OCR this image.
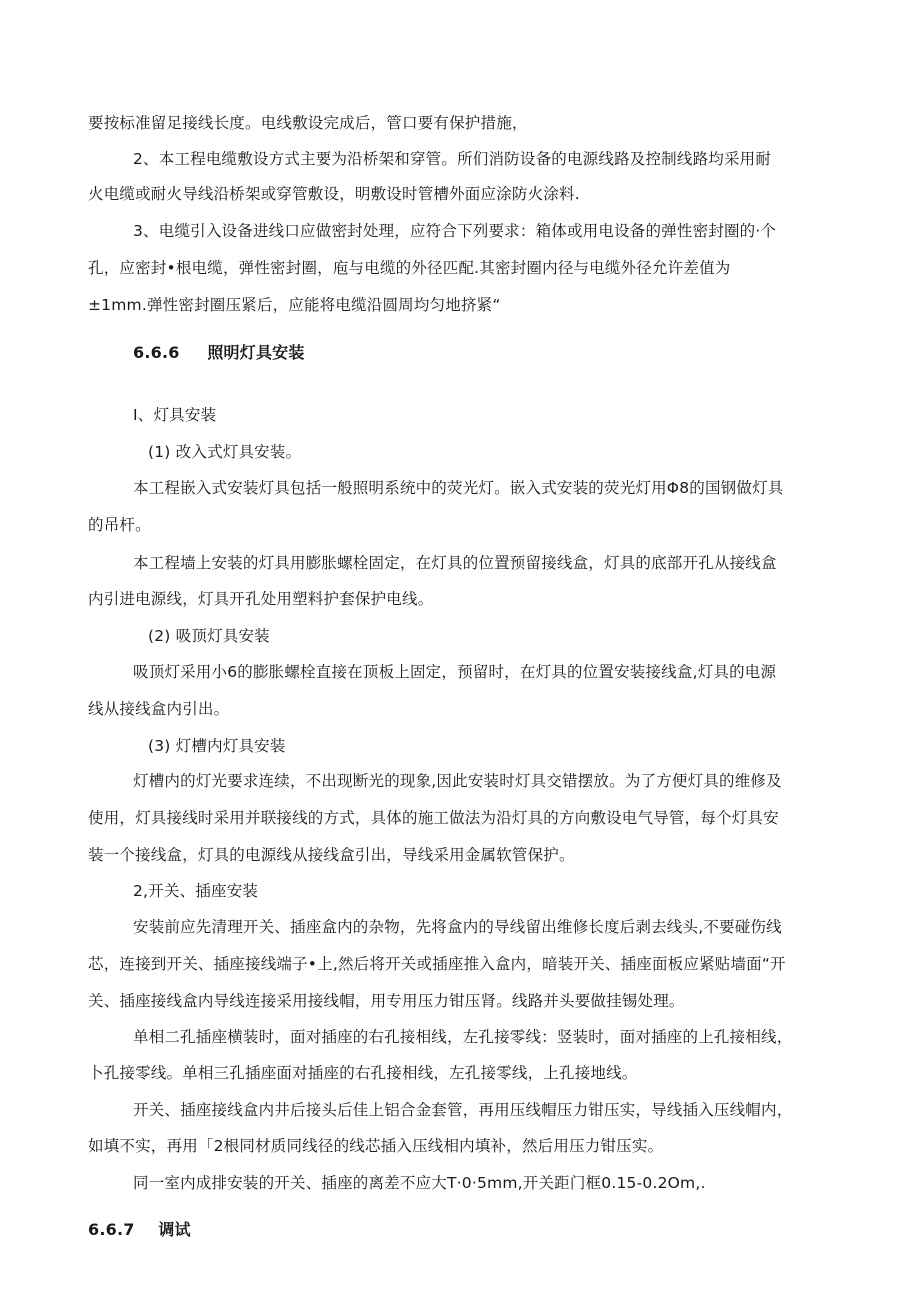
要按标准留足接线长度。电线敷设完成后，管口要有保护措施，
2、本工程电缆敷设方式主要为沿桥架和穿管。所们消防设备的电源线路及控制线路均采用耐
火电缆或耐火导线沿桥架或穿管敷设，明敷设时管槽外面应涂防火涂料.
3、电缆引入设备进线口应做密封处理，应符合下列要求：箱体或用电设备的弹性密封圈的·个
孔，应密封•根电缆，弹性密封圈，庖与电缆的外径匹配.其密封圈内径与电缆外径允许差值为
±1mm.弹性密封圈压紧后，应能将电缆沿圆周均匀地挤紧“
6.6.6 照明灯具安装
I、灯具安装
(1) 改入式灯具安装。
本工程嵌入式安装灯具包括一般照明系统中的荧光灯。嵌入式安装的荧光灯用Φ8的国钢做灯具
的吊杆。
本工程墙上安装的灯具用膨胀螺栓固定，在灯具的位置预留接线盒，灯具的底部开孔从接线盒
内引进电源线，灯具开孔处用塑料护套保护电线。
(2) 吸顶灯具安装
吸顶灯采用小6的膨胀螺栓直接在顶板上固定，预留时，在灯具的位置安装接线盒,灯具的电源
线从接线盒内引出。
(3) 灯槽内灯具安装
灯槽内的灯光要求连续，不出现断光的现象,因此安装时灯具交错摆放。为了方便灯具的维修及
使用，灯具接线时采用并联接线的方式，具体的施工做法为沿灯具的方向敷设电气导管，每个灯具安
装一个接线盒，灯具的电源线从接线盒引出，导线采用金属软管保护。
2,开关、插座安装
安装前应先清理开关、插座盒内的杂物，先将盒内的导线留出维修长度后剥去线头,不要碰伤线
芯，连接到开关、插座接线端子•上,然后将开关或插座推入盒内，暗装开关、插座面板应紧贴墙面“开
关、插座接线盒内导线连接采用接线帽，用专用压力钳压肾。线路并头要做挂锡处理。
单相二孔插座横装时，面对插座的右孔接相线，左孔接零线：竖装时，面对插座的上孔接相线，
卜孔接零线。单相三孔插座面对插座的右孔接相线，左孔接零线，上孔接地线。
开关、插座接线盒内井后接头后佳上铝合金套管，再用压线帽压力钳压实，导线插入压线帽内，
如填不实，再用「2根同材质同线径的线芯插入压线相内填补，然后用压力钳压实。
同一室内成排安装的开关、插座的离差不应大T·0·5mm,开关距门框0.15-0.2Om,.
6.6.7 调试
